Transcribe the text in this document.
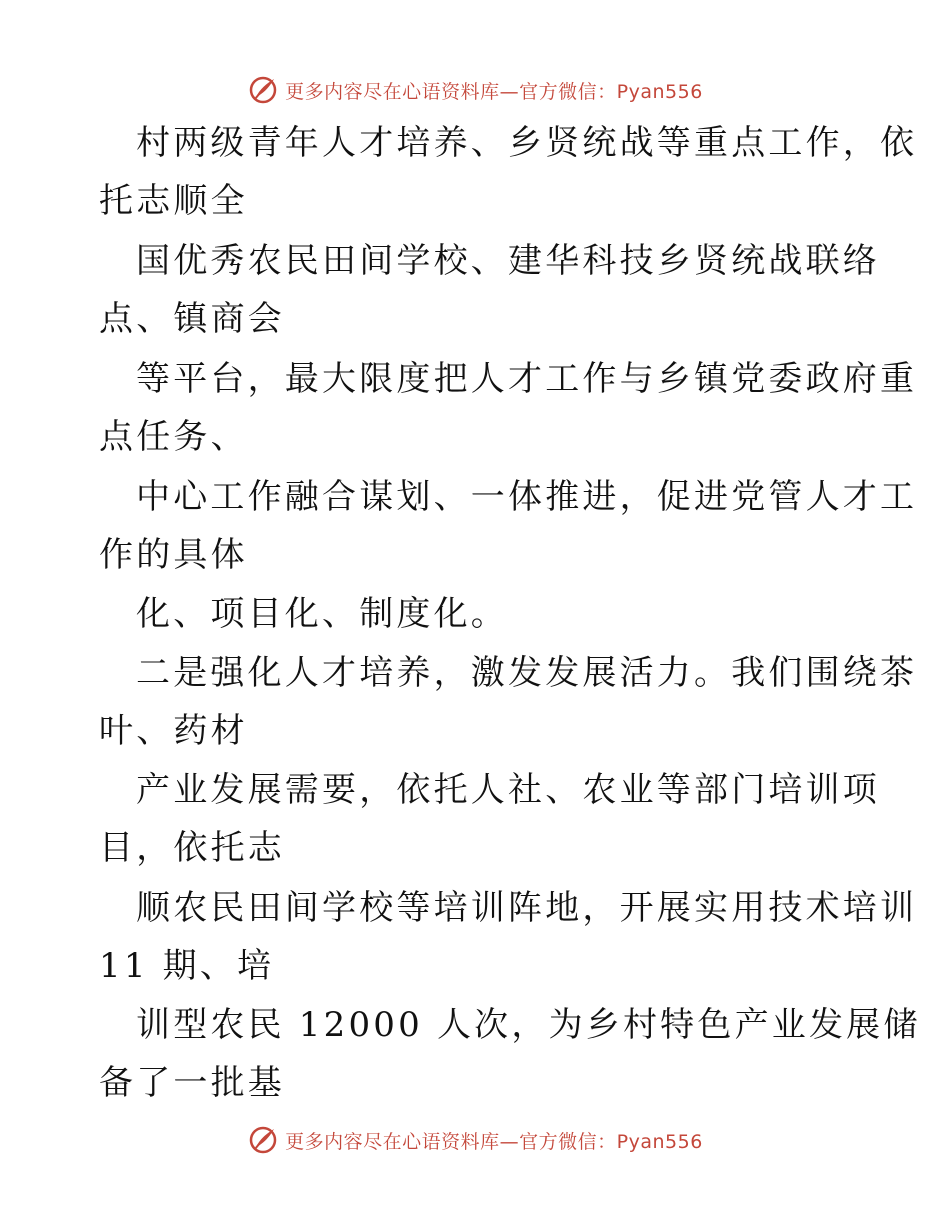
更多内容尽在心语资料库—官方微信：Pyan556
村两级青年人才培养、乡贤统战等重点工作，依
托志顺全
国优秀农民田间学校、建华科技乡贤统战联络
点、镇商会
等平台，最大限度把人才工作与乡镇党委政府重
点任务、
中心工作融合谋划、一体推进，促进党管人才工
作的具体
化、项目化、制度化。
二是强化人才培养，激发发展活力。我们围绕茶
叶、药材
产业发展需要，依托人社、农业等部门培训项
目，依托志
顺农民田间学校等培训阵地，开展实用技术培训
11 期、培
训型农民 12000 人次，为乡村特色产业发展储
备了一批基
更多内容尽在心语资料库—官方微信：Pyan556
